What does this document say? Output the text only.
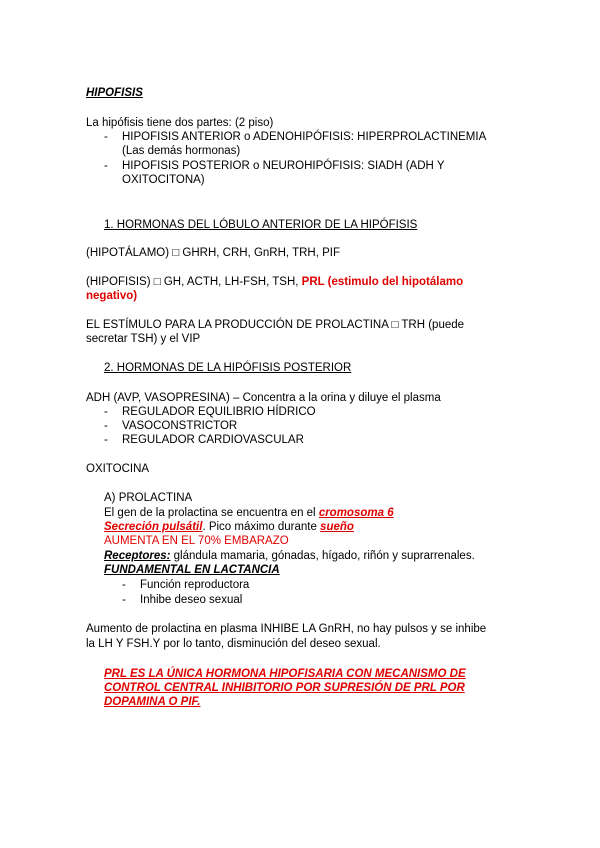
HIPOFISIS
La hipófisis tiene dos partes: (2 piso)
- HIPOFISIS ANTERIOR o ADENOHIPÓFISIS: HIPERPROLACTINEMIA
(Las demás hormonas)
- HIPOFISIS POSTERIOR o NEUROHIPÓFISIS: SIADH (ADH Y
OXITOCITONA)
1. HORMONAS DEL LÓBULO ANTERIOR DE LA HIPÓFISIS
(HIPOTÁLAMO) □ GHRH, CRH, GnRH, TRH, PIF
(HIPOFISIS) □ GH, ACTH, LH-FSH, TSH, PRL (estimulo del hipotálamo
negativo)
EL ESTÍMULO PARA LA PRODUCCIÓN DE PROLACTINA □ TRH (puede
secretar TSH) y el VIP
2. HORMONAS DE LA HIPÓFISIS POSTERIOR
ADH (AVP, VASOPRESINA) – Concentra a la orina y diluye el plasma
- REGULADOR EQUILIBRIO HÍDRICO
- VASOCONSTRICTOR
- REGULADOR CARDIOVASCULAR
OXITOCINA
A) PROLACTINA
El gen de la prolactina se encuentra en el cromosoma 6
Secreción pulsátil. Pico máximo durante sueño
AUMENTA EN EL 70% EMBARAZO
Receptores: glándula mamaria, gónadas, hígado, riñón y suprarrenales.
FUNDAMENTAL EN LACTANCIA
- Función reproductora
- Inhibe deseo sexual
Aumento de prolactina en plasma INHIBE LA GnRH, no hay pulsos y se inhibe
la LH Y FSH.Y por lo tanto, disminución del deseo sexual.
PRL ES LA ÚNICA HORMONA HIPOFISARIA CON MECANISMO DE
CONTROL CENTRAL INHIBITORIO POR SUPRESIÓN DE PRL POR
DOPAMINA O PIF.
